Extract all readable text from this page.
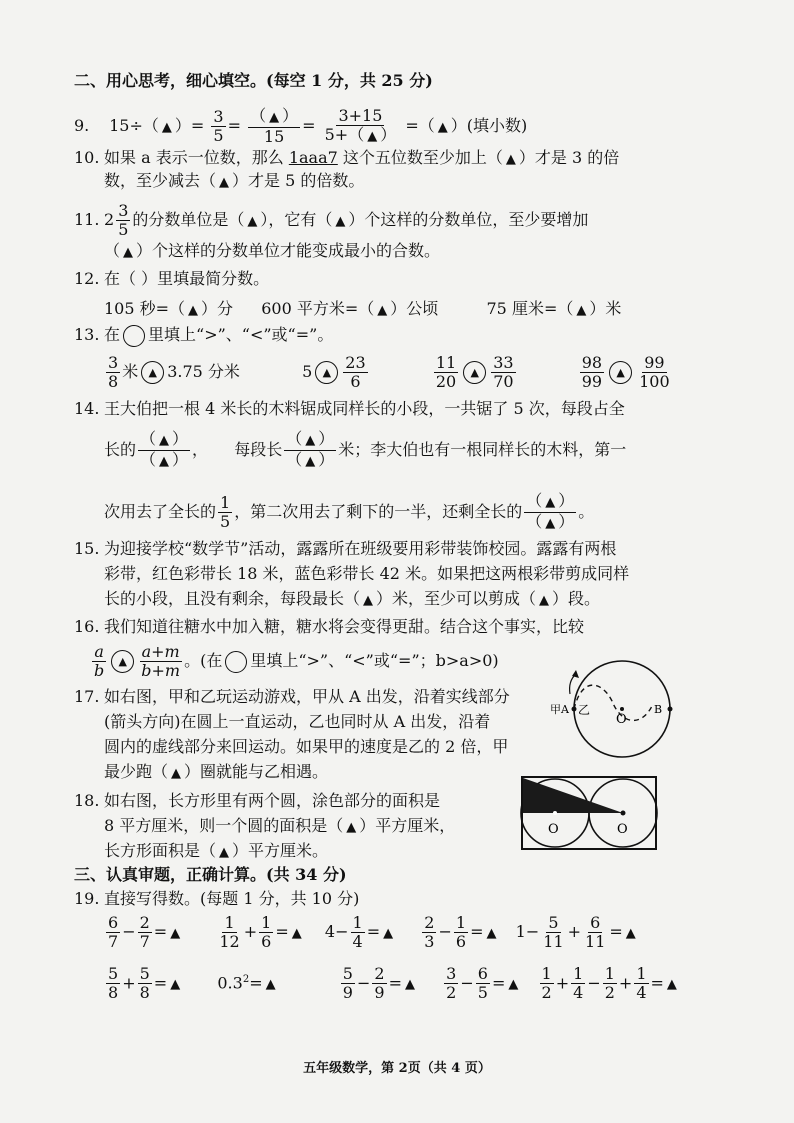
二、用心思考，细心填空。(每空 1 分，共 25 分)
9. 15÷（ ▲ ）= $\frac{3}{5}$ =
（ ▲ ）
15
= $\frac{3+15}{5+( ▲ )}$ =（ ▲ ）(填小数)
10. 如果 a 表示一位数，那么 1aaa7 这个五位数至少加上（ ▲ ）才是 3 的倍
数，至少减去（ ▲ ）才是 5 的倍数。
11. $2 \frac{3}{5}$ 的分数单位是（ ▲ ），它有（ ▲ ）个这样的分数单位，至少要增加
（ ▲ ）个这样的分数单位才能变成最小的合数。
12. 在（ ）里填最简分数。
105 秒=（ ▲ ）分 600 平方米=（ ▲ ）公顷	75 厘米=（ ▲ ）米
13. 在 里填上“>”、“<”或“=”。
$\frac{3}{8}$ 米 ▲ 3.75 分米	5 ▲ $\frac{23}{6}$
	$\frac{11}{20}$ ▲ $\frac{33}{70}$
	$\frac{98}{99}$ ▲ $\frac{99}{100}$
14. 王大伯把一根 4 米长的木料锯成同样长的小段，一共锯了 5 次，每段占全
长的
（ ▲ ）
（ ▲ ）
， 每段长
（ ▲ ）
（ ▲ ）
米；李大伯也有一根同样长的木料，第一
次用去了全长的 $\frac{1}{5}$ ，第二次用去了剩下的一半，还剩全长的
（ ▲ ）
（ ▲ ）
。
15. 为迎接学校“数学节”活动，露露所在班级要用彩带装饰校园。露露有两根
彩带，红色彩带长 18 米，蓝色彩带长 42 米。如果把这两根彩带剪成同样
长的小段，且没有剩余，每段最长（ ▲ ）米，至少可以剪成（ ▲ ）段。
16. 我们知道往糖水中加入糖，糖水将会变得更甜。结合这个事实，比较
$\frac{a}{b}$ ▲ $\frac{a+m}{b+m}$ 。(在 里填上“>”、“<”或“=”；b>a>0)
17. 如右图，甲和乙玩运动游戏，甲从 A 出发，沿着实线部分
(箭头方向)在圆上一直运动，乙也同时从 A 出发，沿着
圆内的虚线部分来回运动。如果甲的速度是乙的 2 倍，甲
最少跑（ ▲ ）圈就能与乙相遇。
甲A 乙
O
B
18. 如右图，长方形里有两个圆，涂色部分的面积是
8 平方厘米，则一个圆的面积是（ ▲ ）平方厘米，
长方形面积是（ ▲ ）平方厘米。
O	O
三、认真审题，正确计算。(共 34 分)
19. 直接写得数。(每题 1 分，共 10 分)
$\frac{6}{7} - \frac{2}{7}$ = ▲ $\frac{1}{12} + \frac{1}{6}$ = ▲ $4- \frac{1}{4}$ = ▲ $\frac{2}{3} - \frac{1}{6}$ = ▲ $1- \frac{5}{11} + \frac{6}{11}$ = ▲
$\frac{5}{8} + \frac{5}{8}$ = ▲ $0.3^2=$ ▲	$\frac{5}{9} - \frac{2}{9}$ = ▲ $\frac{3}{2} - \frac{6}{5}$ = ▲ $\frac{1}{2} + \frac{1}{4} - \frac{1}{2} + \frac{1}{4}$ = ▲
五年级数学，第 2页（共 4 页）
